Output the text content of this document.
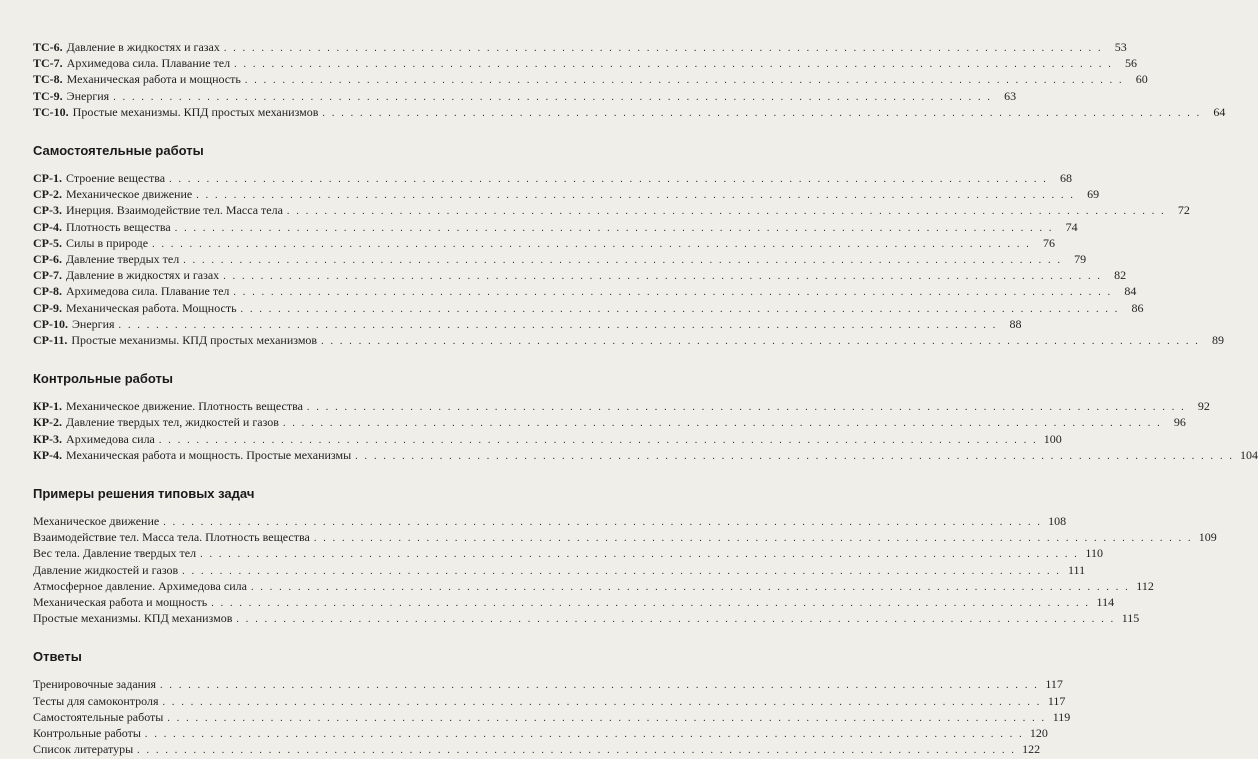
ТС-6. Давление в жидкостях и газах . . .	53
ТС-7. Архимедова сила. Плавание тел . . .	56
ТС-8. Механическая работа и мощность . . .	60
ТС-9. Энергия . . .	63
ТС-10. Простые механизмы. КПД простых механизмов . . .	64
Самостоятельные работы
СР-1. Строение вещества . . .	68
СР-2. Механическое движение . . .	69
СР-3. Инерция. Взаимодействие тел. Масса тела . . .	72
СР-4. Плотность вещества . . .	74
СР-5. Силы в природе . . .	76
СР-6. Давление твердых тел . . .	79
СР-7. Давление в жидкостях и газах . . .	82
СР-8. Архимедова сила. Плавание тел . . .	84
СР-9. Механическая работа. Мощность . . .	86
СР-10. Энергия . . .	88
СР-11. Простые механизмы. КПД простых механизмов . . .	89
Контрольные работы
КР-1. Механическое движение. Плотность вещества . . .	92
КР-2. Давление твердых тел, жидкостей и газов . . .	96
КР-3. Архимедова сила . . .	100
КР-4. Механическая работа и мощность. Простые механизмы . . .	104
Примеры решения типовых задач
Механическое движение . . .	108
Взаимодействие тел. Масса тела. Плотность вещества . . .	109
Вес тела. Давление твердых тел . . .	110
Давление жидкостей и газов . . .	111
Атмосферное давление. Архимедова сила . . .	112
Механическая работа и мощность . . .	114
Простые механизмы. КПД механизмов . . .	115
Ответы
Тренировочные задания . . .	117
Тесты для самоконтроля . . .	117
Самостоятельные работы . . .	119
Контрольные работы . . .	120
Список литературы . . .	122
